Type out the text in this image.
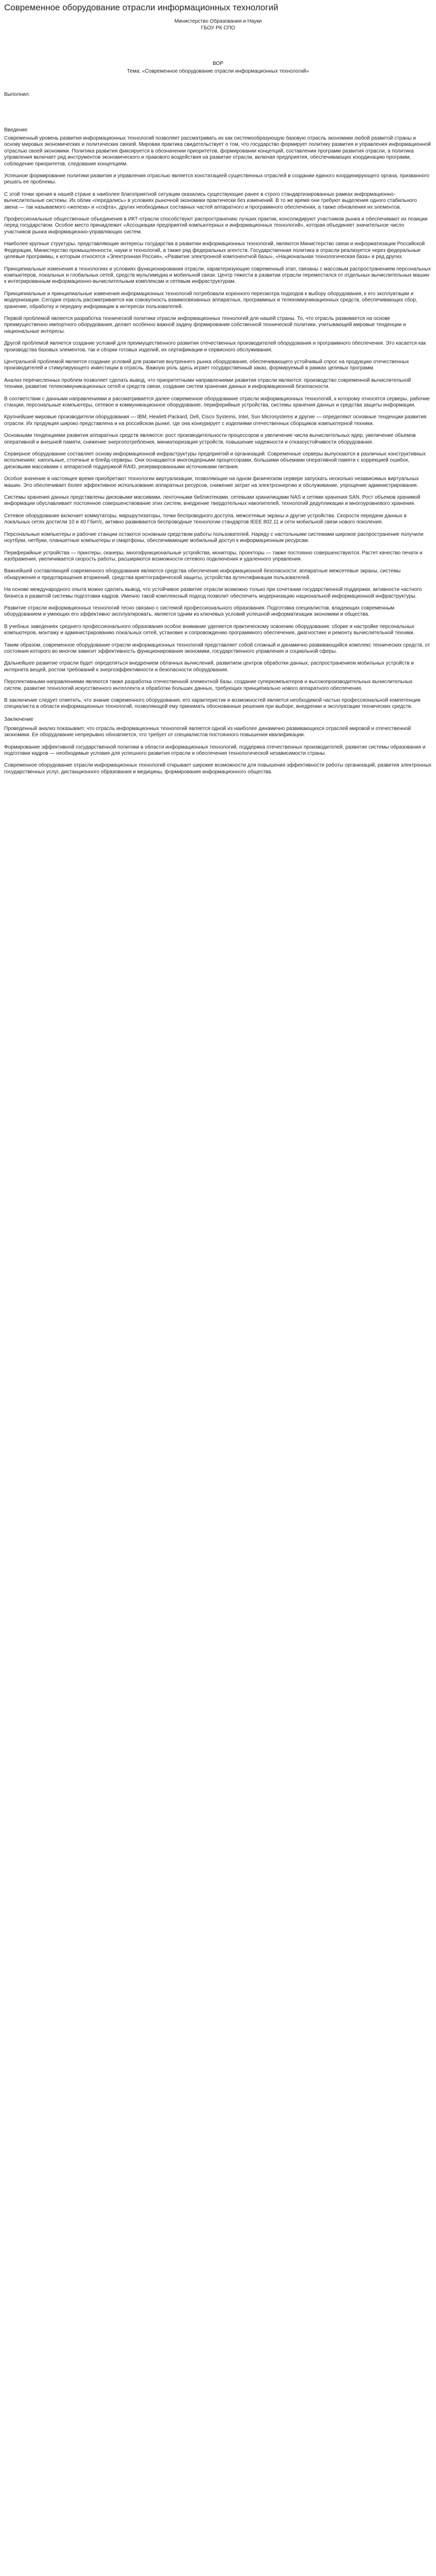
Современное оборудование отрасли информационных технологий

Министерство Образования и Науки

ГБОУ РК СПО

ВОР

Тема: «Современное оборудование отрасли информационных технологий»

Выполнил:

Введение

Современный уровень развития информационных технологий позволяет рассматривать их как системообразующую базовую отрасль экономики любой развитой страны и основу мировых экономических и политических связей. Мировая практика свидетельствует о том, что государство формирует политику развития и управления информационной отраслью своей экономики. Политика развития фиксируется в обозначении приоритетов, формировании концепций, составлении программ развития отрасли, а политика управления включает ряд инструментов экономического и правового воздействия на развитие отрасли, включая предприятия, обеспечивающих координацию программ, соблюдение приоритетов, следование концепциям.

Успешное формирование политики развития и управления отраслью является констатацией существенных отраслей в создании единого координирующего органа, призванного решать ее проблемы.

С этой точки зрения в нашей стране в наиболее благоприятной ситуации оказались существующие ранее в строго стандартизированных рамках информационно-вычислительные системы. Их облик «передались» в условиях рыночной экономики практически без изменений. В то же время они требуют выделения одного стабильного звена — так называемого «железа» и «софта», других необходимых составных частей аппаратного и программного обеспечения, а также обновления их элементов.

Профессиональные общественные объединения в ИКТ-отрасли способствуют распространению лучших практик, консолидируют участников рынка и обеспечивают их позиции перед государством. Особое место принадлежит «Ассоциации предприятий компьютерных и информационных технологий», которая объединяет значительное число участников рынка информационно-управляющих систем.

Наиболее крупные структуры, представляющие интересы государства в развитии информационных технологий, являются Министерство связи и информатизации Российской Федерации, Министерство промышленности, науки и технологий, а также ряд федеральных агентств. Государственная политика в отрасли реализуется через федеральные целевые программы, к которым относятся «Электронная Россия», «Развитие электронной компонентной базы», «Национальная технологическая база» и ряд других.

Принципиальные изменения в технологиях и условиях функционирования отрасли, характеризующие современный этап, связаны с массовым распространением персональных компьютеров, локальных и глобальных сетей, средств мультимедиа и мобильной связи. Центр тяжести в развитии отрасли переместился от отдельных вычислительных машин к интегрированным информационно-вычислительным комплексам и сетевым инфраструктурам.

Принципиальные и принципиальные изменения информационных технологий потребовали коренного пересмотра подходов к выбору оборудования, к его эксплуатации и модернизации. Сегодня отрасль рассматривается как совокупность взаимосвязанных аппаратных, программных и телекоммуникационных средств, обеспечивающих сбор, хранение, обработку и передачу информации в интересах пользователей.

Первой проблемой является разработка технической политики отрасли информационных технологий для нашей страны. То, что отрасль развивается на основе преимущественно импортного оборудования, делает особенно важной задачу формирования собственной технической политики, учитывающей мировые тенденции и национальные интересы.

Другой проблемой является создание условий для преимущественного развития отечественных производителей оборудования и программного обеспечения. Это касается как производства базовых элементов, так и сборки готовых изделий, их сертификации и сервисного обслуживания.

Центральной проблемой является создание условий для развития внутреннего рынка оборудования, обеспечивающего устойчивый спрос на продукцию отечественных производителей и стимулирующего инвестиции в отрасль. Важную роль здесь играет государственный заказ, формируемый в рамках целевых программ.

Анализ перечисленных проблем позволяет сделать вывод, что приоритетными направлениями развития отрасли являются: производство современной вычислительной техники, развитие телекоммуникационных сетей и средств связи, создание систем хранения данных и информационной безопасности.

В соответствии с данными направлениями и рассматривается далее современное оборудование отрасли информационных технологий, к которому относятся серверы, рабочие станции, персональные компьютеры, сетевое и коммуникационное оборудование, периферийные устройства, системы хранения данных и средства защиты информации.

Крупнейшие мировые производители оборудования — IBM, Hewlett-Packard, Dell, Cisco Systems, Intel, Sun Microsystems и другие — определяют основные тенденции развития отрасли. Их продукция широко представлена и на российском рынке, где она конкурирует с изделиями отечественных сборщиков компьютерной техники.

Основными тенденциями развития аппаратных средств являются: рост производительности процессоров и увеличение числа вычислительных ядер, увеличение объемов оперативной и внешней памяти, снижение энергопотребления, миниатюризация устройств, повышение надежности и отказоустойчивости оборудования.

Серверное оборудование составляет основу информационной инфраструктуры предприятий и организаций. Современные серверы выпускаются в различных конструктивных исполнениях: напольные, стоечные и блейд-серверы. Они оснащаются многоядерными процессорами, большими объемами оперативной памяти с коррекцией ошибок, дисковыми массивами с аппаратной поддержкой RAID, резервированными источниками питания.

Особое значение в настоящее время приобретают технологии виртуализации, позволяющие на одном физическом сервере запускать несколько независимых виртуальных машин. Это обеспечивает более эффективное использование аппаратных ресурсов, снижение затрат на электроэнергию и обслуживание, упрощение администрирования.

Системы хранения данных представлены дисковыми массивами, ленточными библиотеками, сетевыми хранилищами NAS и сетями хранения SAN. Рост объемов хранимой информации обуславливает постоянное совершенствование этих систем, внедрение твердотельных накопителей, технологий дедупликации и многоуровневого хранения.

Сетевое оборудование включает коммутаторы, маршрутизаторы, точки беспроводного доступа, межсетевые экраны и другие устройства. Скорости передачи данных в локальных сетях достигли 10 и 40 Гбит/с, активно развиваются беспроводные технологии стандартов IEEE 802.11 и сети мобильной связи нового поколения.

Персональные компьютеры и рабочие станции остаются основным средством работы пользователей. Наряду с настольными системами широкое распространение получили ноутбуки, нетбуки, планшетные компьютеры и смартфоны, обеспечивающие мобильный доступ к информационным ресурсам.

Периферийные устройства — принтеры, сканеры, многофункциональные устройства, мониторы, проекторы — также постоянно совершенствуются. Растет качество печати и изображения, увеличивается скорость работы, расширяются возможности сетевого подключения и удаленного управления.

Важнейшей составляющей современного оборудования являются средства обеспечения информационной безопасности: аппаратные межсетевые экраны, системы обнаружения и предотвращения вторжений, средства криптографической защиты, устройства аутентификации пользователей.

На основе международного опыта можно сделать вывод, что устойчивое развитие отрасли возможно только при сочетании государственной поддержки, активности частного бизнеса и развитой системы подготовки кадров. Именно такой комплексный подход позволит обеспечить модернизацию национальной информационной инфраструктуры.

Развитие отрасли информационных технологий тесно связано с системой профессионального образования. Подготовка специалистов, владеющих современным оборудованием и умеющих его эффективно эксплуатировать, является одним из ключевых условий успешной информатизации экономики и общества.

В учебных заведениях среднего профессионального образования особое внимание уделяется практическому освоению оборудования: сборке и настройке персональных компьютеров, монтажу и администрированию локальных сетей, установке и сопровождению программного обеспечения, диагностике и ремонту вычислительной техники.

Таким образом, современное оборудование отрасли информационных технологий представляет собой сложный и динамично развивающийся комплекс технических средств, от состояния которого во многом зависит эффективность функционирования экономики, государственного управления и социальной сферы.

Дальнейшее развитие отрасли будет определяться внедрением облачных вычислений, развитием центров обработки данных, распространением мобильных устройств и интернета вещей, ростом требований к энергоэффективности и безопасности оборудования.

Перспективными направлениями являются также разработка отечественной элементной базы, создание суперкомпьютеров и высокопроизводительных вычислительных систем, развитие технологий искусственного интеллекта и обработки больших данных, требующих принципиально нового аппаратного обеспечения.

В заключение следует отметить, что знание современного оборудования, его характеристик и возможностей является необходимой частью профессиональной компетенции специалиста в области информационных технологий, позволяющей ему принимать обоснованные решения при выборе, внедрении и эксплуатации технических средств.

Заключение

Проведенный анализ показывает, что отрасль информационных технологий является одной из наиболее динамично развивающихся отраслей мировой и отечественной экономики. Ее оборудование непрерывно обновляется, что требует от специалистов постоянного повышения квалификации.

Формирование эффективной государственной политики в области информационных технологий, поддержка отечественных производителей, развитие системы образования и подготовки кадров — необходимые условия для успешного развития отрасли и обеспечения технологической независимости страны.

Современное оборудование отрасли информационных технологий открывает широкие возможности для повышения эффективности работы организаций, развития электронных государственных услуг, дистанционного образования и медицины, формирования информационного общества.
